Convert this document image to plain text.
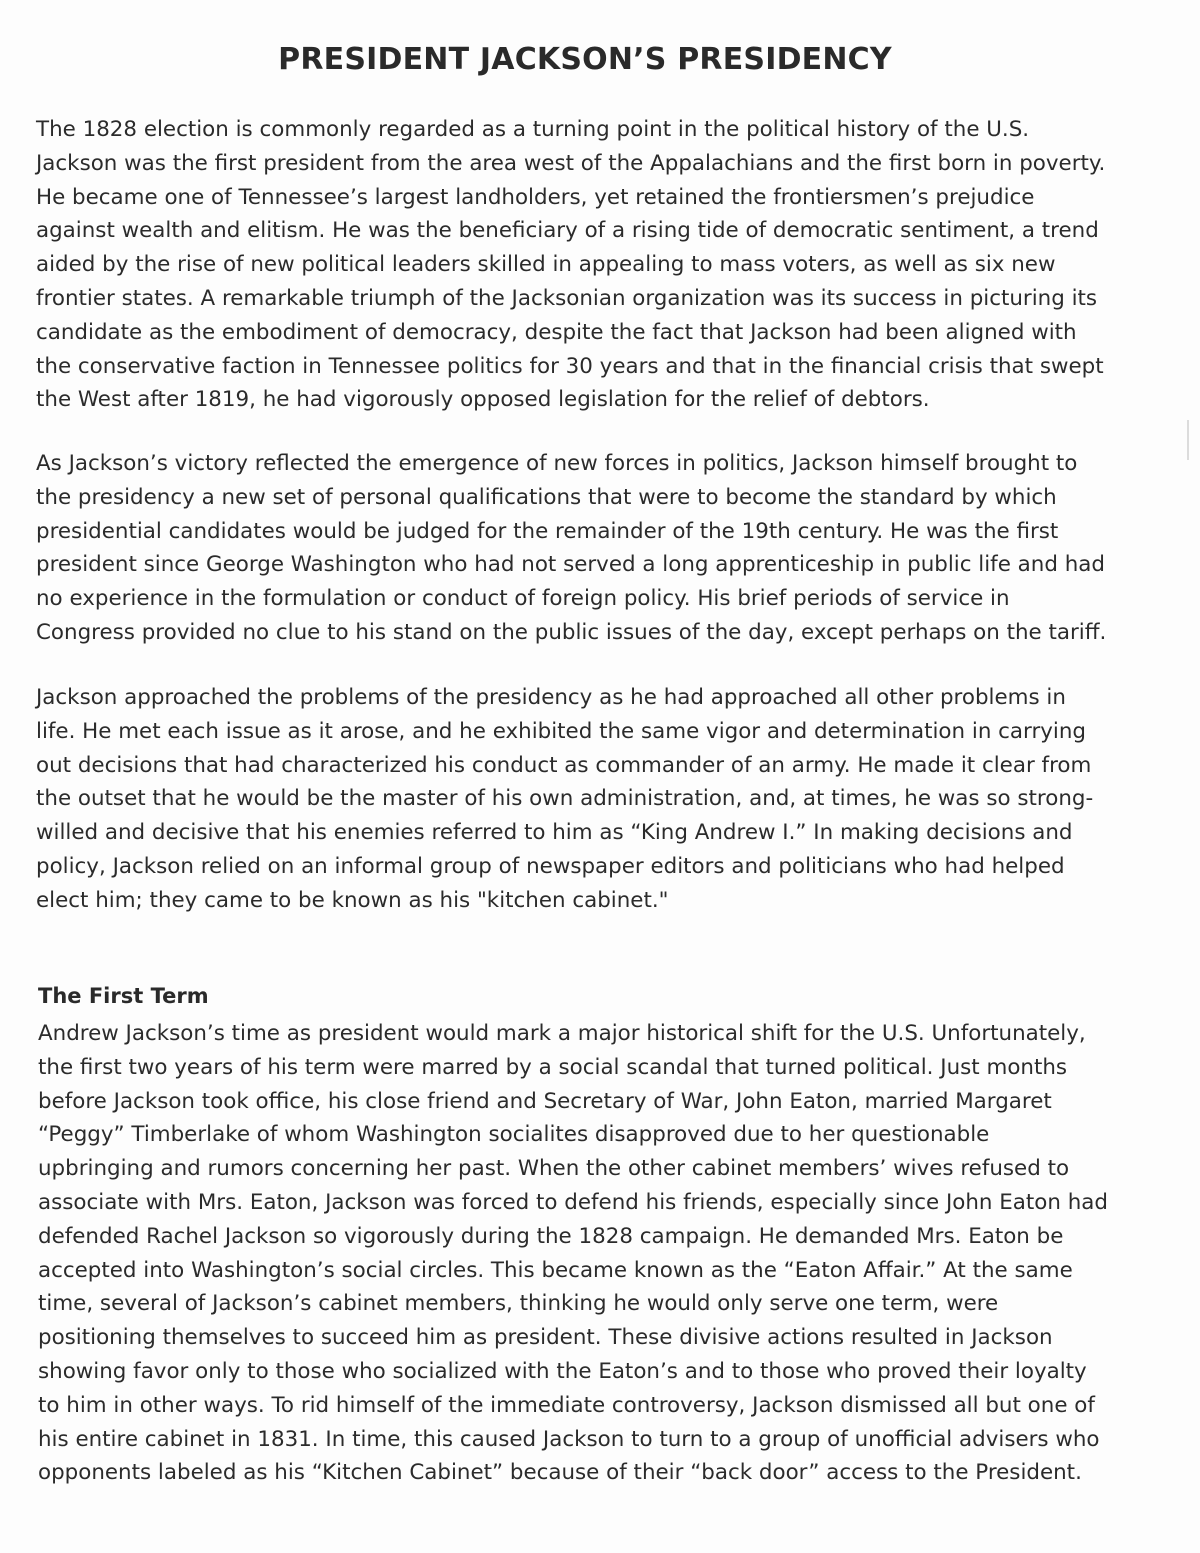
PRESIDENT JACKSON’S PRESIDENCY

The 1828 election is commonly regarded as a turning point in the political history of the U.S.
Jackson was the first president from the area west of the Appalachians and the first born in poverty.
He became one of Tennessee’s largest landholders, yet retained the frontiersmen’s prejudice
against wealth and elitism. He was the beneficiary of a rising tide of democratic sentiment, a trend
aided by the rise of new political leaders skilled in appealing to mass voters, as well as six new
frontier states. A remarkable triumph of the Jacksonian organization was its success in picturing its
candidate as the embodiment of democracy, despite the fact that Jackson had been aligned with
the conservative faction in Tennessee politics for 30 years and that in the financial crisis that swept
the West after 1819, he had vigorously opposed legislation for the relief of debtors.

As Jackson’s victory reflected the emergence of new forces in politics, Jackson himself brought to
the presidency a new set of personal qualifications that were to become the standard by which
presidential candidates would be judged for the remainder of the 19th century. He was the first
president since George Washington who had not served a long apprenticeship in public life and had
no experience in the formulation or conduct of foreign policy. His brief periods of service in
Congress provided no clue to his stand on the public issues of the day, except perhaps on the tariff.

Jackson approached the problems of the presidency as he had approached all other problems in
life. He met each issue as it arose, and he exhibited the same vigor and determination in carrying
out decisions that had characterized his conduct as commander of an army. He made it clear from
the outset that he would be the master of his own administration, and, at times, he was so strong-
willed and decisive that his enemies referred to him as “King Andrew I.” In making decisions and
policy, Jackson relied on an informal group of newspaper editors and politicians who had helped
elect him; they came to be known as his "kitchen cabinet."

The First Term

Andrew Jackson’s time as president would mark a major historical shift for the U.S. Unfortunately,
the first two years of his term were marred by a social scandal that turned political. Just months
before Jackson took office, his close friend and Secretary of War, John Eaton, married Margaret
“Peggy” Timberlake of whom Washington socialites disapproved due to her questionable
upbringing and rumors concerning her past. When the other cabinet members’ wives refused to
associate with Mrs. Eaton, Jackson was forced to defend his friends, especially since John Eaton had
defended Rachel Jackson so vigorously during the 1828 campaign. He demanded Mrs. Eaton be
accepted into Washington’s social circles. This became known as the “Eaton Affair.” At the same
time, several of Jackson’s cabinet members, thinking he would only serve one term, were
positioning themselves to succeed him as president. These divisive actions resulted in Jackson
showing favor only to those who socialized with the Eaton’s and to those who proved their loyalty
to him in other ways. To rid himself of the immediate controversy, Jackson dismissed all but one of
his entire cabinet in 1831. In time, this caused Jackson to turn to a group of unofficial advisers who
opponents labeled as his “Kitchen Cabinet” because of their “back door” access to the President.
